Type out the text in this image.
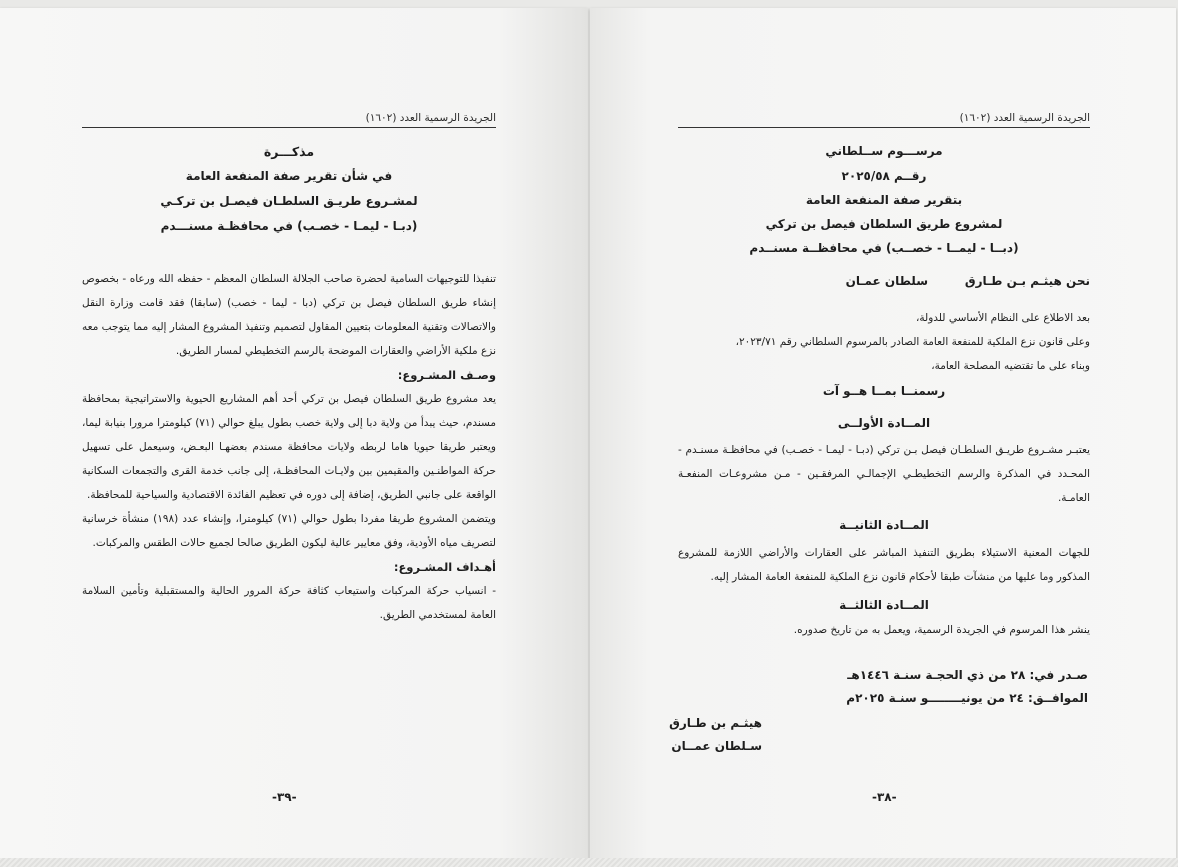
الجريدة الرسمية العدد (١٦٠٢)
مذكـــرة
في شأن تقرير صفة المنفعة العامة
لمشـروع طريـق السلطـان فيصـل بن تركـي
(دبـا - ليمـا - خصـب) في محافظـة مسنـــدم

تنفيذا للتوجيهات السامية لحضرة صاحب الجلالة السلطان المعظم - حفظه الله ورعاه - بخصوص إنشاء طريق السلطان فيصل بن تركي (دبا - ليما - خصب) (سابقا) فقد قامت وزارة النقل والاتصالات وتقنية المعلومات بتعيين المقاول لتصميم وتنفيذ المشروع المشار إليه مما يتوجب معه نزع ملكية الأراضي والعقارات الموضحة بالرسم التخطيطي لمسار الطريق.

وصـف المشـروع:

يعد مشروع طريق السلطان فيصل بن تركي أحد أهم المشاريع الحيوية والاستراتيجية بمحافظة مسندم، حيث يبدأ من ولاية دبا إلى ولاية خصب بطول يبلغ حوالي (٧١) كيلومترا مرورا بنيابة ليما، ويعتبر طريقا حيويا هاما لربطه ولايات محافظة مسندم بعضهـا البعـض، وسيعمل على تسهيل حركة المواطنـين والمقيمين بين ولايـات المحافظـة، إلى جانب خدمة القرى والتجمعات السكانية الواقعة على جانبي الطريق، إضافة إلى دوره في تعظيم الفائدة الاقتصادية والسياحية للمحافظة.

ويتضمن المشروع طريقا مفردا بطول حوالي (٧١) كيلومترا، وإنشاء عدد (١٩٨) منشأة خرسانية لتصريف مياه الأودية، وفق معايير عالية ليكون الطريق صالحا لجميع حالات الطقس والمركبات.

أهـداف المشـروع:

- انسياب حركة المركبات واستيعاب كثافة حركة المرور الحالية والمستقبلية وتأمين السلامة العامة لمستخدمي الطريق.

-٣٩-
الجريدة الرسمية العدد (١٦٠٢)
مرســـوم ســلطاني
رقــم ٢٠٢٥/٥٨
بتقرير صفة المنفعة العامة
لمشروع طريق السلطان فيصل بن تركي
(دبــا - ليمــا - خصــب) في محافظــة مسنــدم
نحن هيثـم بـن طـارق
سلطان عمـان

بعد الاطلاع على النظام الأساسي للدولة،

وعلى قانون نزع الملكية للمنفعة العامة الصادر بالمرسوم السلطاني رقم ٢٠٢٣/٧١،

وبناء على ما تقتضيه المصلحة العامة،

رسمنــا بمــا هــو آت
المــادة الأولــى
يعتبـر مشـروع طريـق السلطـان فيصل بـن تركي (دبـا - ليمـا - خصـب) في محافظـة مسنـدم - المحـدد في المذكرة والرسم التخطيطـي الإجمالـي المرفقـين - مـن مشروعـات المنفعـة العامـة.
المــادة الثانيــة
للجهات المعنية الاستيلاء بطريق التنفيذ المباشر على العقارات والأراضي اللازمة للمشروع المذكور وما عليها من منشآت طبقا لأحكام قانون نزع الملكية للمنفعة العامة المشار إليه.
المــادة الثالثــة
ينشر هذا المرسوم في الجريدة الرسمية، ويعمل به من تاريخ صدوره.
صـدر في: ٢٨ من ذي الحجـة سنـة ١٤٤٦هـ
الموافــق: ٢٤ من يونيــــــــو سنـة ٢٠٢٥م
هيثـم بن طـارق
سـلطان عمــان
-٣٨-
